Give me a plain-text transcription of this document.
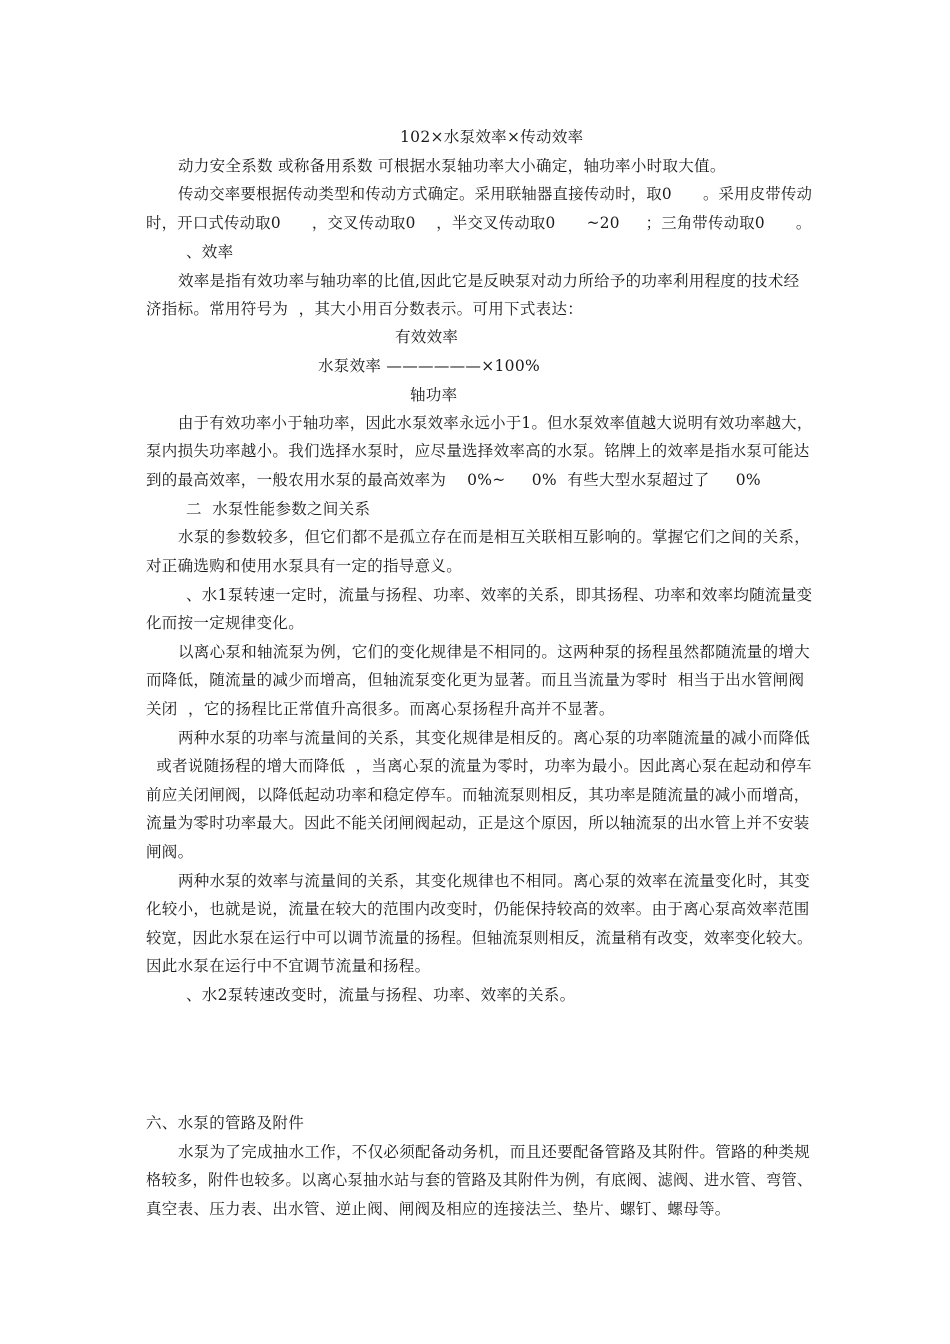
102×水泵效率×传动效率
动力安全系数 或称备用系数 可根据水泵轴功率大小确定，轴功率小时取大值。
传动交率要根据传动类型和传动方式确定。采用联轴器直接传动时，取0      。采用皮带传动
时，开口式传动取0      ，交叉传动取0    ，半交叉传动取0      ~20     ；三角带传动取0      。
、效率
效率是指有效功率与轴功率的比值,因此它是反映泵对动力所给予的功率利用程度的技术经
济指标。常用符号为  ，其大小用百分数表示。可用下式表达：
有效效率
水泵效率 ——————×100%
轴功率
由于有效功率小于轴功率，因此水泵效率永远小于1。但水泵效率值越大说明有效功率越大，
泵内损失功率越小。我们选择水泵时，应尽量选择效率高的水泵。铭牌上的效率是指水泵可能达
到的最高效率，一般农用水泵的最高效率为    0%~     0%  有些大型水泵超过了     0%
二  水泵性能参数之间关系
水泵的参数较多，但它们都不是孤立存在而是相互关联相互影响的。掌握它们之间的关系，
对正确选购和使用水泵具有一定的指导意义。
、水1泵转速一定时，流量与扬程、功率、效率的关系，即其扬程、功率和效率均随流量变
化而按一定规律变化。
以离心泵和轴流泵为例，它们的变化规律是不相同的。这两种泵的扬程虽然都随流量的增大
而降低，随流量的减少而增高，但轴流泵变化更为显著。而且当流量为零时  相当于出水管闸阀
关闭  ，它的扬程比正常值升高很多。而离心泵扬程升高并不显著。
两种水泵的功率与流量间的关系，其变化规律是相反的。离心泵的功率随流量的减小而降低
或者说随扬程的增大而降低  ，当离心泵的流量为零时，功率为最小。因此离心泵在起动和停车
前应关闭闸阀，以降低起动功率和稳定停车。而轴流泵则相反，其功率是随流量的减小而增高，
流量为零时功率最大。因此不能关闭闸阀起动，正是这个原因，所以轴流泵的出水管上并不安装
闸阀。
两种水泵的效率与流量间的关系，其变化规律也不相同。离心泵的效率在流量变化时，其变
化较小，也就是说，流量在较大的范围内改变时，仍能保持较高的效率。由于离心泵高效率范围
较宽，因此水泵在运行中可以调节流量的扬程。但轴流泵则相反，流量稍有改变，效率变化较大。
因此水泵在运行中不宜调节流量和扬程。
、水2泵转速改变时，流量与扬程、功率、效率的关系。
六、水泵的管路及附件
水泵为了完成抽水工作，不仅必须配备动务机，而且还要配备管路及其附件。管路的种类规
格较多，附件也较多。以离心泵抽水站与套的管路及其附件为例，有底阀、滤阀、进水管、弯管、
真空表、压力表、出水管、逆止阀、闸阀及相应的连接法兰、垫片、螺钉、螺母等。
